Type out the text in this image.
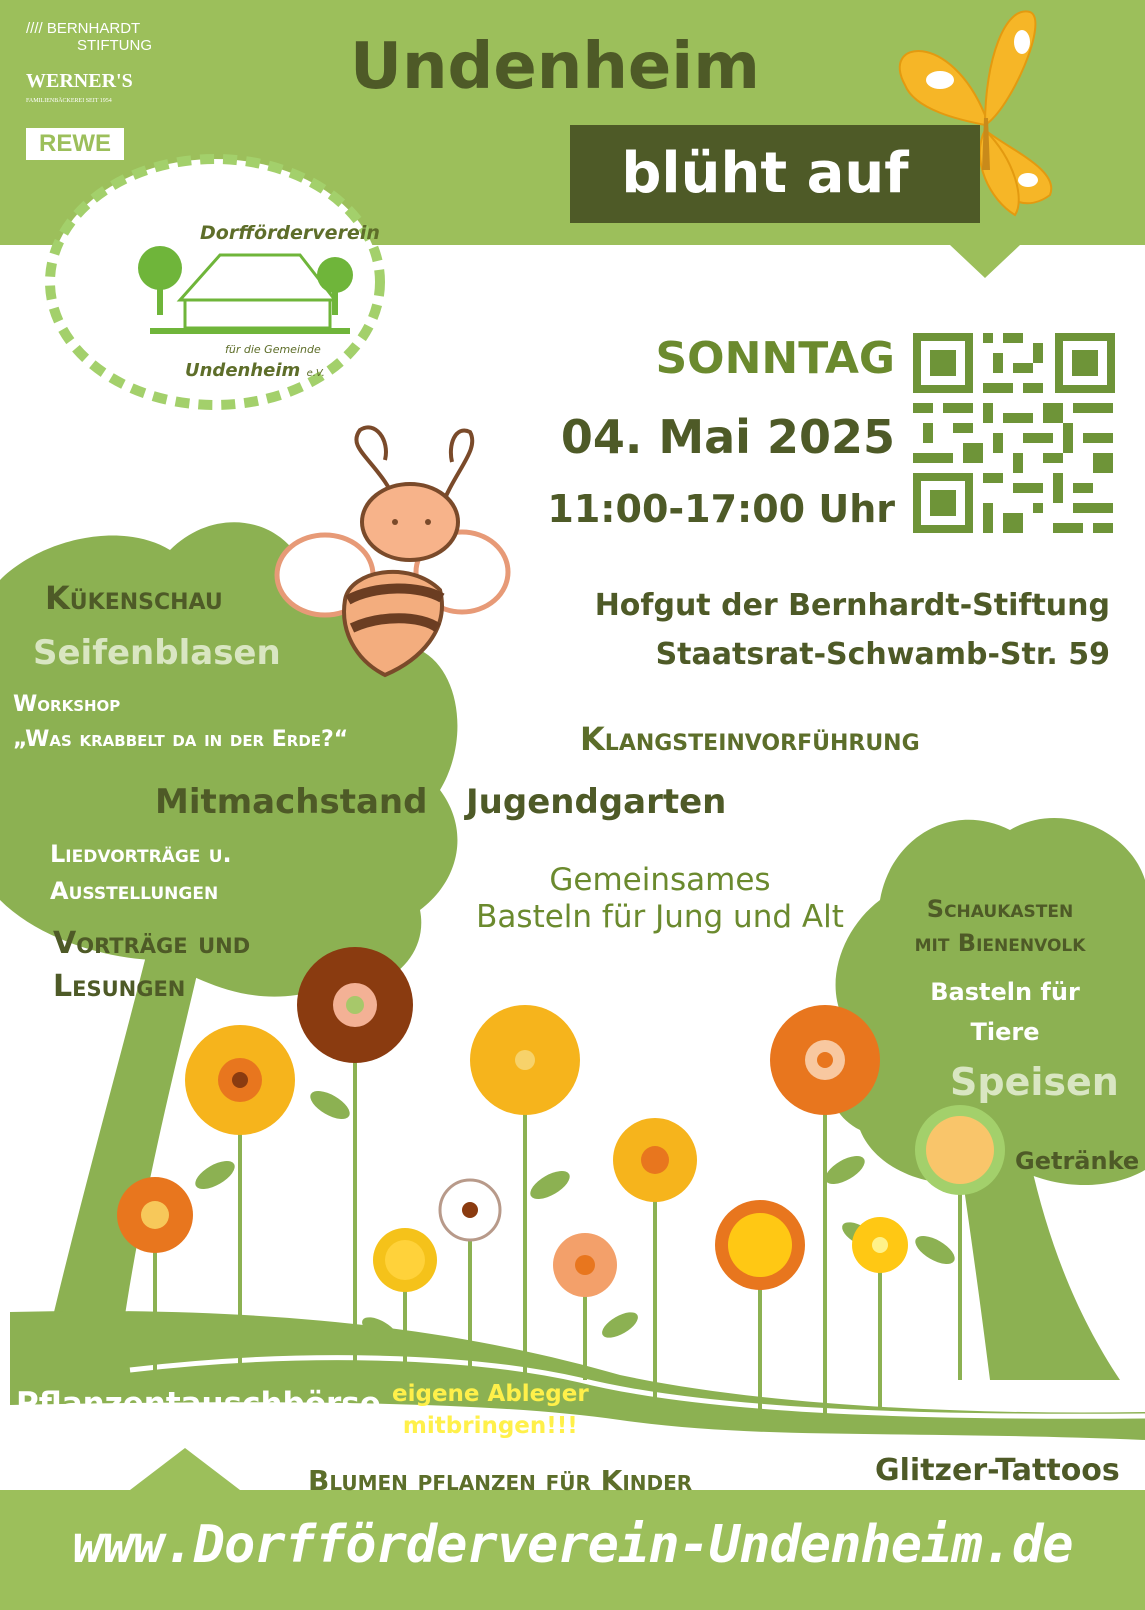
//// BERNHARDT
STIFTUNG
WERNER'S
FAMILIENBÄCKEREI SEIT 1954
REWE
Undenheim
blüht auf
Dorfförderverein
für die Gemeinde
Undenheim e.V.	SONNTAG
04. Mai 2025
11:00-17:00 Uhr
Hofgut der Bernhardt-Stiftung
Staatsrat-Schwamb-Str. 59
Kükenschau
Seifenblasen
Workshop
„Was krabbelt da in der Erde?“
Mitmachstand Jugendgarten
Liedvorträge u.
Ausstellungen
Vorträge und
Lesungen
Klangsteinvorführung
Gemeinsames
Basteln für Jung und Alt	Schaukasten
mit Bienenvolk
Basteln für
Tiere
Speisen
Getränke
Pflanzentauschbörse eigene Ableger
mitbringen!!!
Glitzer-Tattoos
Blumen pflanzen für Kinder
www.Dorfförderverein-Undenheim.de
